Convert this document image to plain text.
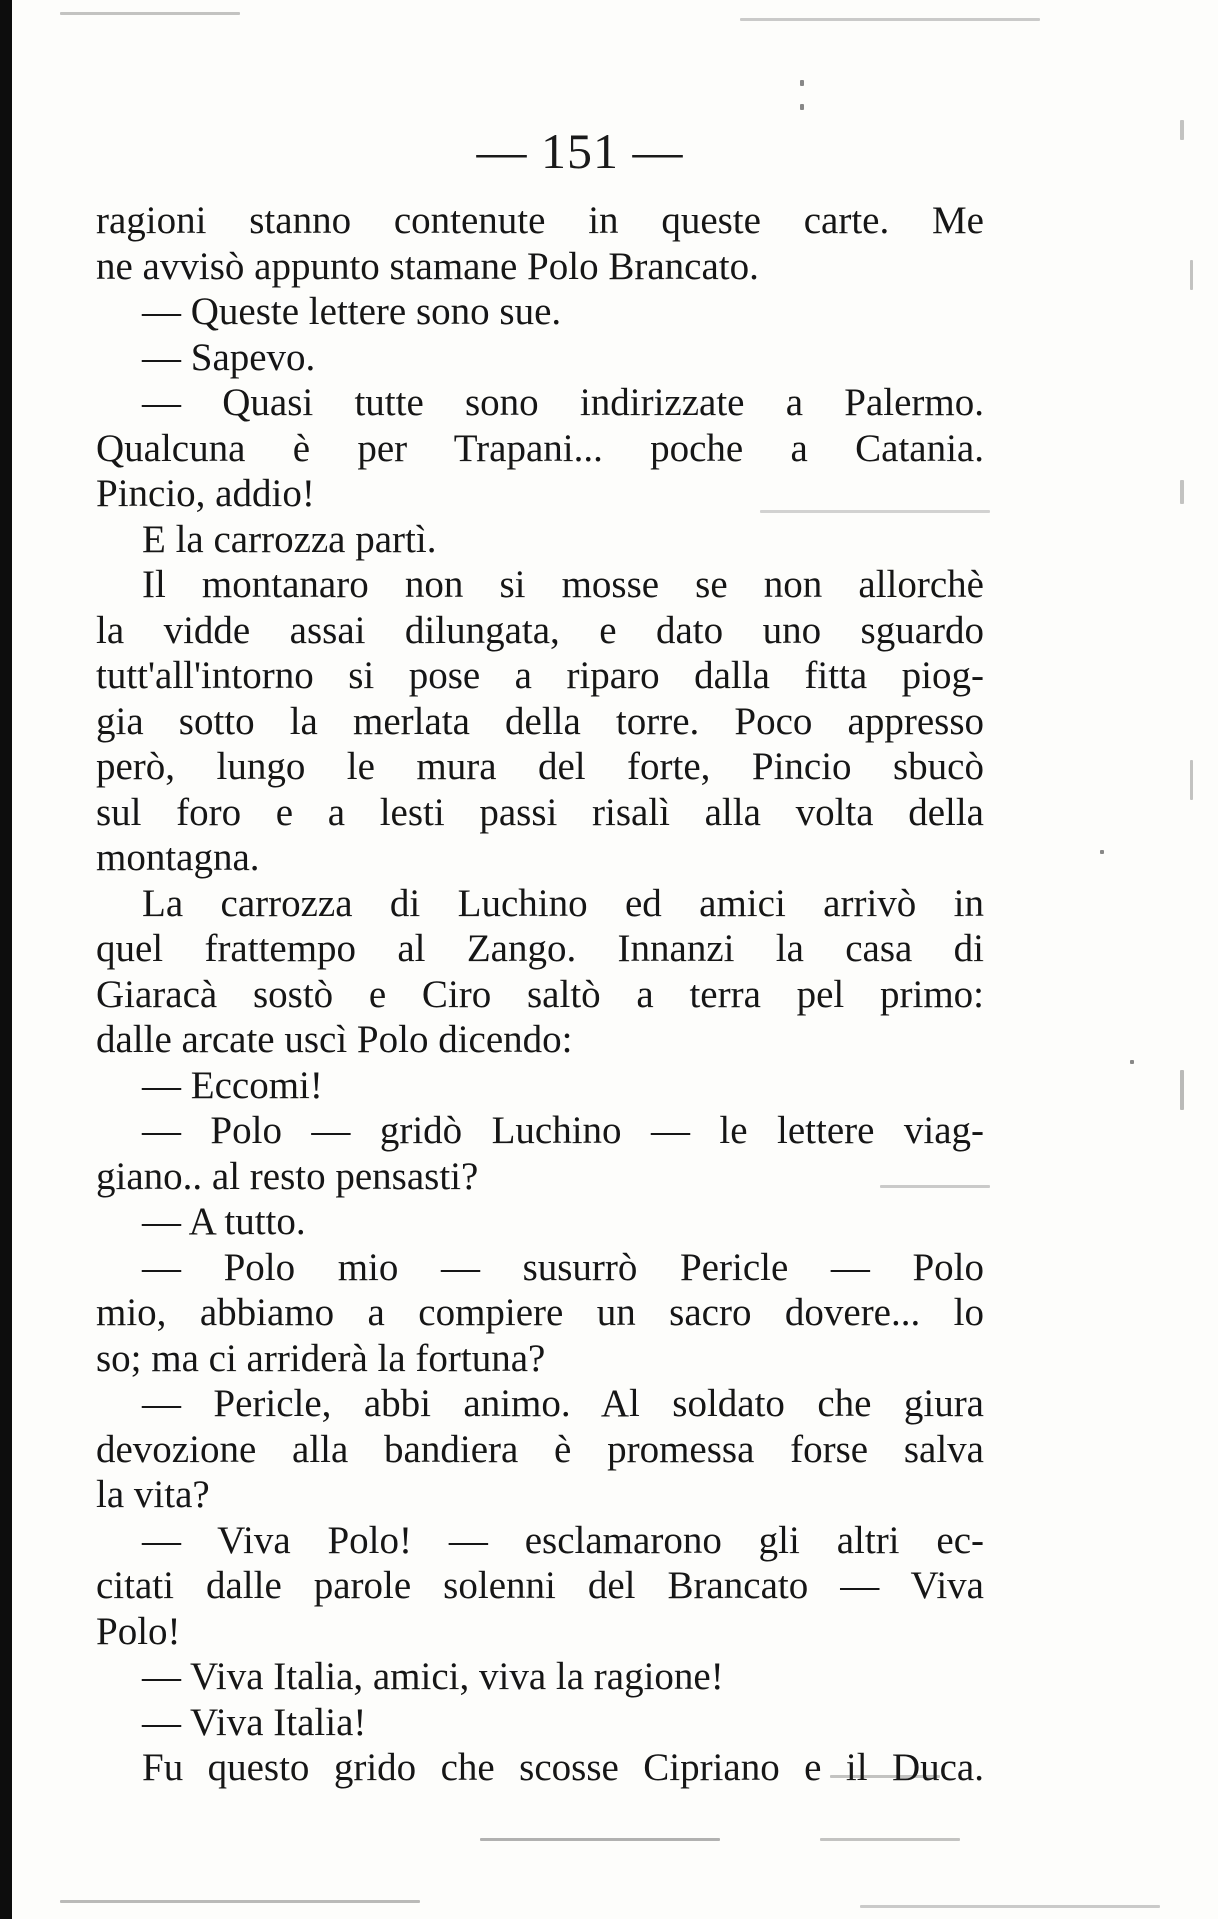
— 151 —
ragioni stanno contenute in queste carte. Me
ne avvisò appunto stamane Polo Brancato.
— Queste lettere sono sue.
— Sapevo.
— Quasi tutte sono indirizzate a Palermo.
Qualcuna è per Trapani... poche a Catania.
Pincio, addio!
E la carrozza partì.
Il montanaro non si mosse se non allorchè
la vidde assai dilungata, e dato uno sguardo
tutt'all'intorno si pose a riparo dalla fitta piog-
gia sotto la merlata della torre. Poco appresso
però, lungo le mura del forte, Pincio sbucò
sul foro e a lesti passi risalì alla volta della
montagna.
La carrozza di Luchino ed amici arrivò in
quel frattempo al Zango. Innanzi la casa di
Giaracà sostò e Ciro saltò a terra pel primo:
dalle arcate uscì Polo dicendo:
— Eccomi!
— Polo — gridò Luchino — le lettere viag-
giano.. al resto pensasti?
— A tutto.
— Polo mio — susurrò Pericle — Polo
mio, abbiamo a compiere un sacro dovere... lo
so; ma ci arriderà la fortuna?
— Pericle, abbi animo. Al soldato che giura
devozione alla bandiera è promessa forse salva
la vita?
— Viva Polo! — esclamarono gli altri ec-
citati dalle parole solenni del Brancato — Viva
Polo!
— Viva Italia, amici, viva la ragione!
— Viva Italia!
Fu questo grido che scosse Cipriano e il Duca.
